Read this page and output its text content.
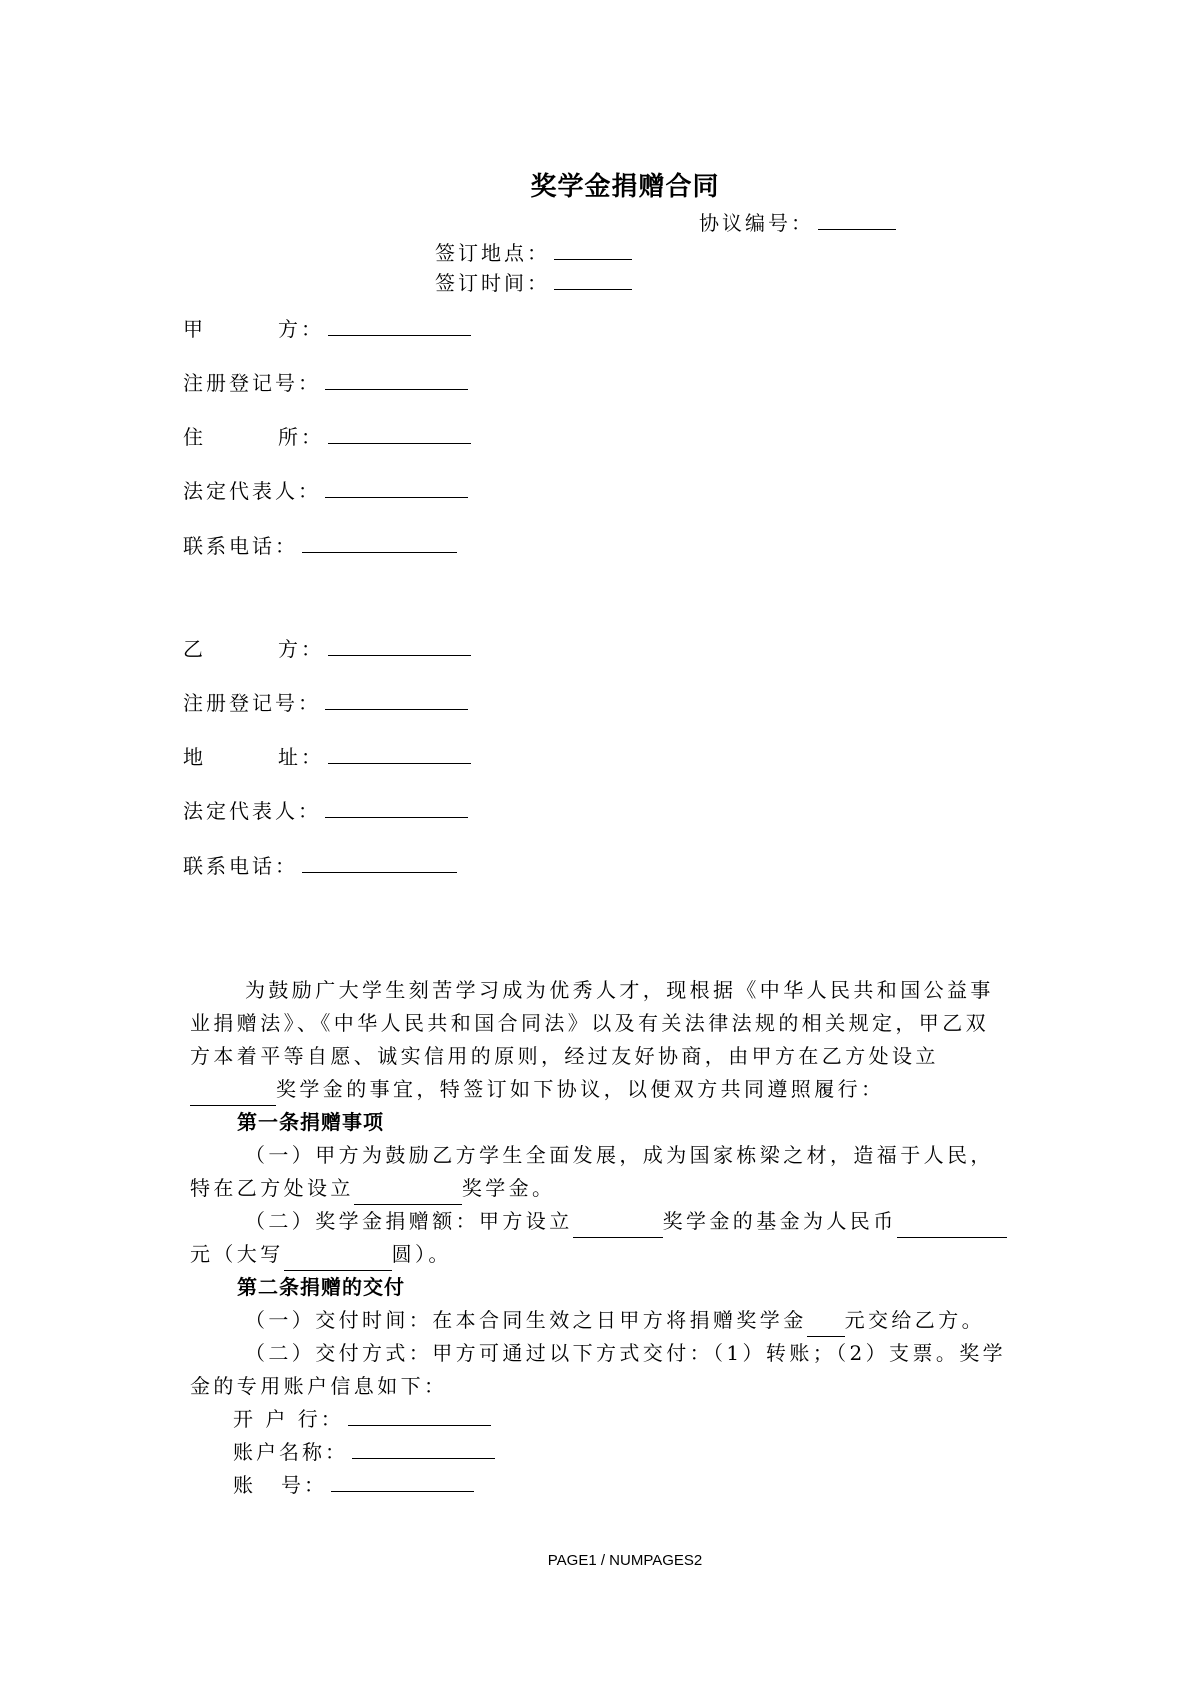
奖学金捐赠合同
协议编号：
签订地点：
签订时间：
甲	方：
注册登记号：
住	所：
法定代表人：
联系电话：
乙	方：
注册登记号：
地	址：
法定代表人：
联系电话：

为鼓励广大学生刻苦学习成为优秀人才，现根据《中华人民共和国公益事业捐赠法》、《中华人民共和国合同法》以及有关法律法规的相关规定，甲乙双方本着平等自愿、诚实信用的原则，经过友好协商，由甲方在乙方处设立奖学金的事宜，特签订如下协议，以便双方共同遵照履行：

第一条捐赠事项

（一）甲方为鼓励乙方学生全面发展，成为国家栋梁之材，造福于人民，特在乙方处设立	奖学金。

（二）奖学金捐赠额：甲方设立	奖学金的基金为人民币元（大写	圆）。

第二条捐赠的交付

（一）交付时间：在本合同生效之日甲方将捐赠奖学金 元交给乙方。

（二）交付方式：甲方可通过以下方式交付：（1）转账；（2）支票。奖学金的专用账户信息如下：

开 户 行：

账户名称：

账 号：

PAGE1 / NUMPAGES2
